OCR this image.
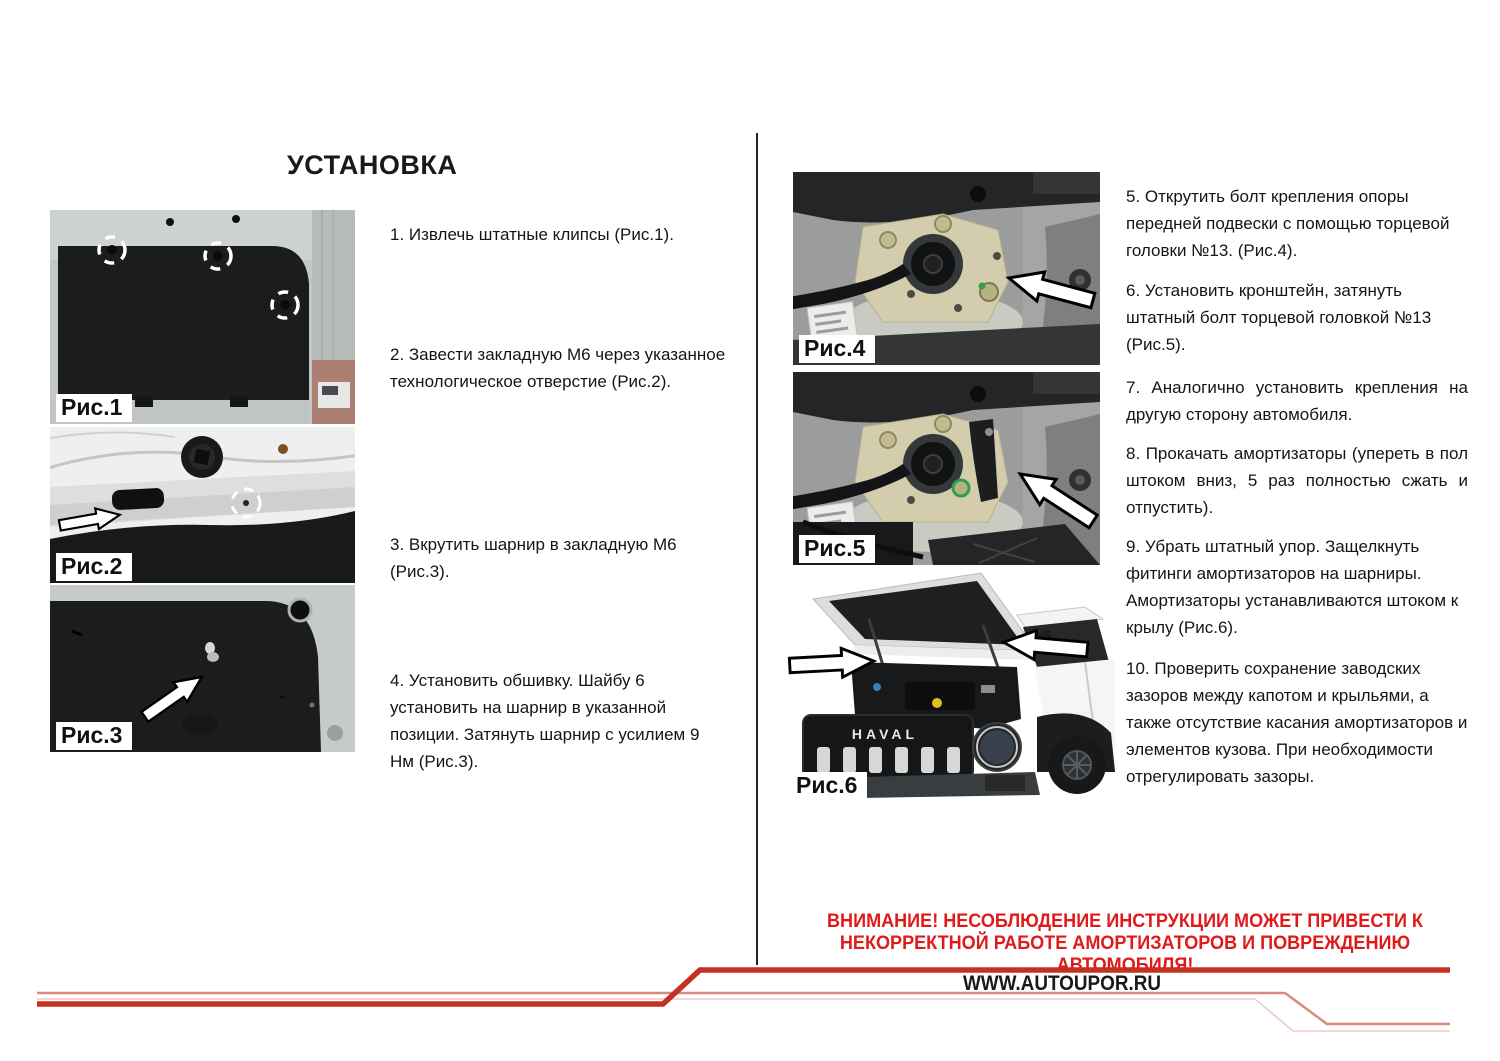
УСТАНОВКА
Рис.1
Рис.2
Рис.3
Рис.4
Рис.5
HAVAL
Рис.6

1. Извлечь штатные клипсы (Рис.1).

2. Завести закладную М6 через указанное технологическое отверстие (Рис.2).

3. Вкрутить шарнир в закладную М6 (Рис.3).

4. Установить обшивку. Шайбу 6 установить на шарнир в указанной позиции. Затянуть шарнир с усилием 9 Нм (Рис.3).

5. Открутить болт крепления опоры передней подвески с помощью торцевой головки №13. (Рис.4).

6. Установить кронштейн, затянуть штатный болт торцевой головкой №13 (Рис.5).

7. Аналогично установить крепления на другую сторону автомобиля.

8. Прокачать амортизаторы (упереть в пол штоком вниз, 5 раз полностью сжать и отпустить).

9. Убрать штатный упор. Защелкнуть фитинги амортизаторов на шарниры. Амортизаторы устанавливаются штоком к крылу (Рис.6).

10. Проверить сохранение заводских зазоров между капотом и крыльями, а также отсутствие касания амортизаторов и элементов кузова. При необходимости отрегулировать зазоры.

ВНИМАНИЕ! НЕСОБЛЮДЕНИЕ ИНСТРУКЦИИ МОЖЕТ ПРИВЕСТИ К
НЕКОРРЕКТНОЙ РАБОТЕ АМОРТИЗАТОРОВ И ПОВРЕЖДЕНИЮ
АВТОМОБИЛЯ!
WWW.AUTOUPOR.RU
